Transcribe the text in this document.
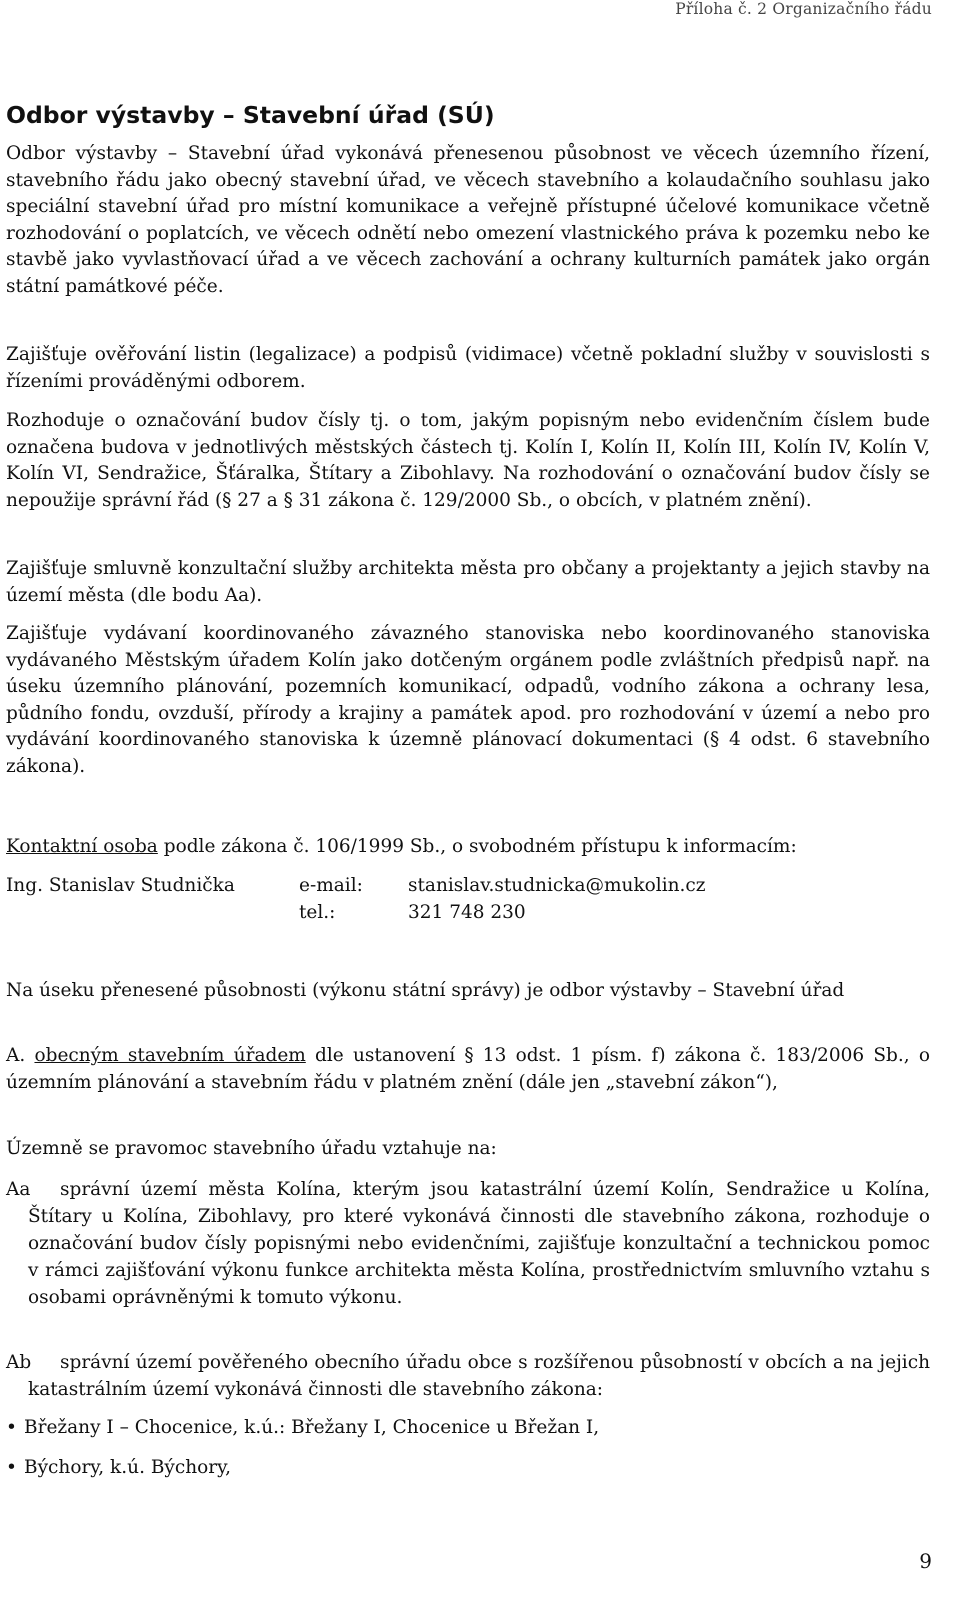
Příloha č. 2 Organizačního řádu
Odbor výstavby – Stavební úřad (SÚ)

Odbor výstavby – Stavební úřad vykonává přenesenou působnost ve věcech územního řízení, stavebního řádu jako obecný stavební úřad, ve věcech stavebního a kolaudačního souhlasu jako speciální stavební úřad pro místní komunikace a veřejně přístupné účelové komunikace včetně rozhodování o poplatcích, ve věcech odnětí nebo omezení vlastnického práva k pozemku nebo ke stavbě jako vyvlastňovací úřad a ve věcech zachování a ochrany kulturních památek jako orgán státní památkové péče.

Zajišťuje ověřování listin (legalizace) a podpisů (vidimace) včetně pokladní služby v souvislosti s řízeními prováděnými odborem.

Rozhoduje o označování budov čísly tj. o tom, jakým popisným nebo evidenčním číslem bude označena budova v jednotlivých městských částech tj. Kolín I, Kolín II, Kolín III, Kolín IV, Kolín V, Kolín VI, Sendražice, Šťáralka, Štítary a Zibohlavy. Na rozhodování o označování budov čísly se nepoužije správní řád (§ 27 a § 31 zákona č. 129/2000 Sb., o obcích, v platném znění).

Zajišťuje smluvně konzultační služby architekta města pro občany a projektanty a jejich stavby na území města (dle bodu Aa).

Zajišťuje vydávaní koordinovaného závazného stanoviska nebo koordinovaného stanoviska vydávaného Městským úřadem Kolín jako dotčeným orgánem podle zvláštních předpisů např. na úseku územního plánování, pozemních komunikací, odpadů, vodního zákona a ochrany lesa, půdního fondu, ovzduší, přírody a krajiny a památek apod. pro rozhodování v území a nebo pro vydávání koordinovaného stanoviska k územně plánovací dokumentaci (§ 4 odst. 6 stavebního zákona).

Kontaktní osoba podle zákona č. 106/1999 Sb., o svobodném přístupu k informacím:

Ing. Stanislav Studnička	e-mail: stanislav.studnicka@mukolin.cz
tel.:	321 748 230

Na úseku přenesené působnosti (výkonu státní správy) je odbor výstavby – Stavební úřad

A. obecným stavebním úřadem dle ustanovení § 13 odst. 1 písm. f) zákona č. 183/2006 Sb., o územním plánování a stavebním řádu v platném znění (dále jen „stavební zákon“),

Územně se pravomoc stavebního úřadu vztahuje na:

Aa	správní území města Kolína, kterým jsou katastrální území Kolín, Sendražice u Kolína, Štítary u Kolína, Zibohlavy, pro které vykonává činnosti dle stavebního zákona, rozhoduje o označování budov čísly popisnými nebo evidenčními, zajišťuje konzultační a technickou pomoc v rámci zajišťování výkonu funkce architekta města Kolína, prostřednictvím smluvního vztahu s osobami oprávněnými k tomuto výkonu.

Ab	správní území pověřeného obecního úřadu obce s rozšířenou působností v obcích a na jejich katastrálním území vykonává činnosti dle stavebního zákona:

• Břežany I – Chocenice, k.ú.: Břežany I, Chocenice u Břežan I,
• Býchory, k.ú. Býchory,
9
